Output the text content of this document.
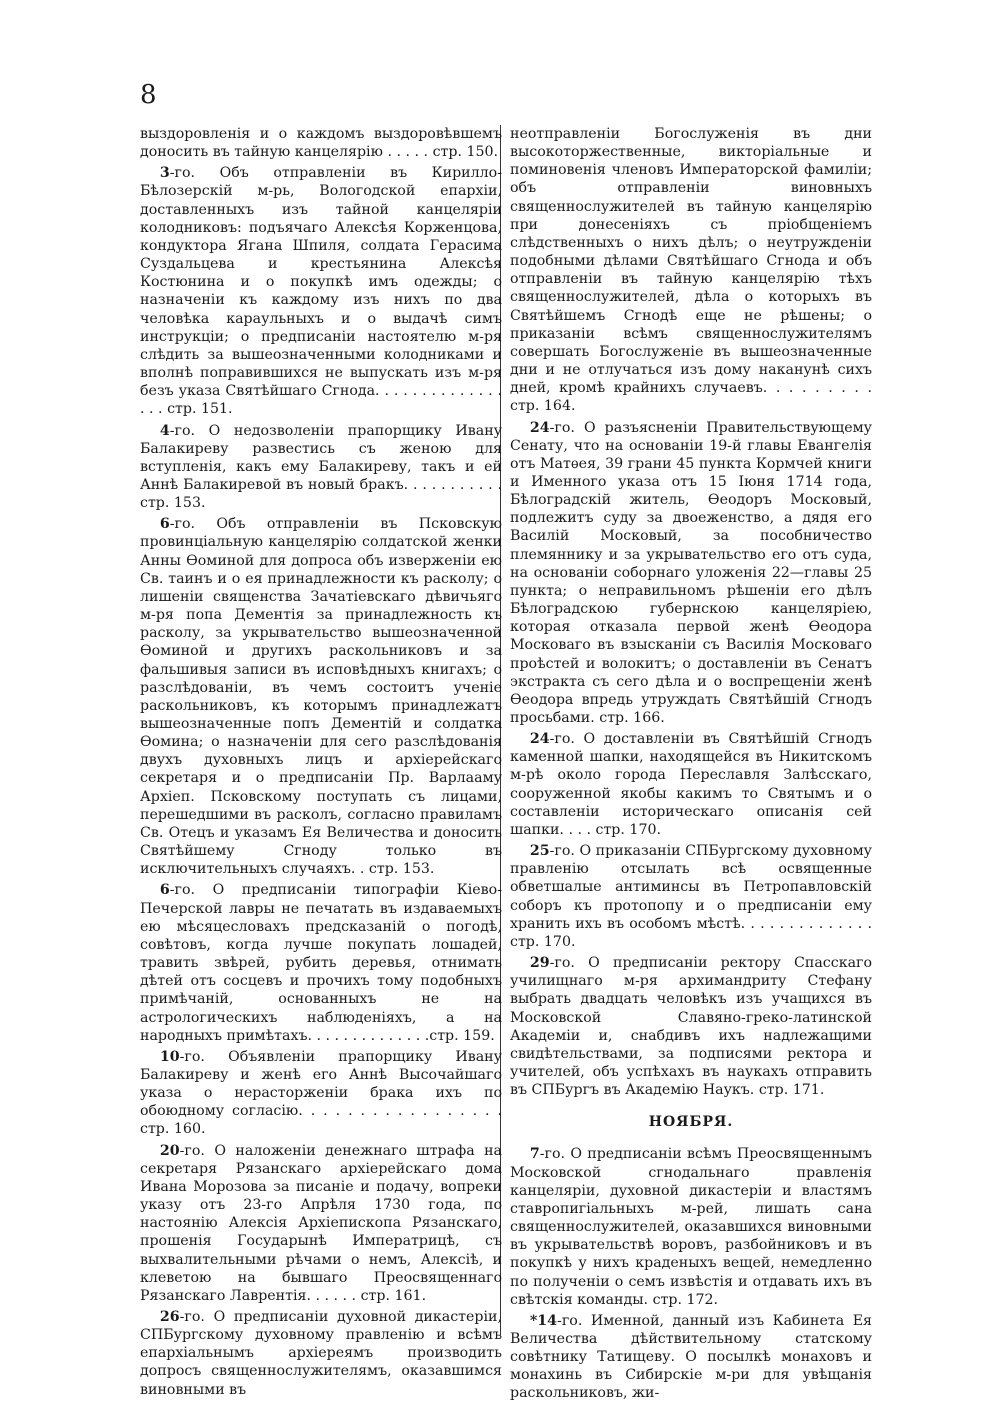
8

выздоровленія и о каждомъ выздоровѣвшемъ доносить въ тайную канцелярію . . . . . стр. 150.

3-го. Объ отправленіи въ Кирилло-Бѣлозерскій м-рь, Вологодской епархіи, доставленныхъ изъ тайной канцеляріи колодниковъ: подъячаго Алексѣя Корженцова, кондуктора Ягана Шпиля, солдата Герасима Суздальцева и крестьянина Алексѣя Костюнина и о покупкѣ имъ одежды; о назначеніи къ каждому изъ нихъ по два человѣка караульныхъ и о выдачѣ симъ инструкціи; о предписаніи настоятелю м-ря слѣдить за вышеозначенными колодниками и вполнѣ поправившихся не выпускать изъ м-ря безъ указа Святѣйшаго Сгнода. . . . . . . . . . . . . . . . . стр. 151.

4-го. О недозволеніи прапорщику Ивану Балакиреву развестись съ женою для вступленія, какъ ему Балакиреву, такъ и ей Аннѣ Балакиревой въ новый бракъ. . . . . . . . . . . стр. 153.

6-го. Объ отправленіи въ Псковскую провинціальную канцелярію солдатской женки Анны Ѳоминой для допроса объ изверженіи ею Св. таинъ и о ея принадлежности къ расколу; о лишеніи священства Зачатіевскаго дѣвичьяго м-ря попа Дементія за принадлежность къ расколу, за укрывательство вышеозначенной Ѳоминой и другихъ раскольниковъ и за фальшивыя записи въ исповѣдныхъ книгахъ; о разслѣдованіи, въ чемъ состоитъ ученіе раскольниковъ, къ которымъ принадлежатъ вышеозначенные попъ Дементій и солдатка Ѳомина; о назначеніи для сего разслѣдованія двухъ духовныхъ лицъ и архіерейскаго секретаря и о предписаніи Пр. Варлааму Архіеп. Псковскому поступать съ лицами, перешедшими въ расколъ, согласно правиламъ Св. Отецъ и указамъ Ея Величества и доносить Святѣйшему Сгноду только въ исключительныхъ случаяхъ. . стр. 153.

6-го. О предписаніи типографіи Кіево-Печерской лавры не печатать въ издаваемыхъ ею мѣсяцесловахъ предсказаній о погодѣ, совѣтовъ, когда лучше покупать лошадей, травить звѣрей, рубить деревья, отнимать дѣтей отъ сосцевъ и прочихъ тому подобныхъ примѣчаній, основанныхъ не на астрологическихъ наблюденіяхъ, а на народныхъ примѣтахъ. . . . . . . . . . . . . .стр. 159.

10-го. Объявленіи прапорщику Ивану Балакиреву и женѣ его Аннѣ Высочайшаго указа о нерасторженіи брака ихъ по обоюдному согласію. . . . . . . . . . . . . . . . . стр. 160.

20-го. О наложеніи денежнаго штрафа на секретаря Рязанскаго архіерейскаго дома Ивана Морозова за писаніе и подачу, вопреки указу отъ 23-го Апрѣля 1730 года, по настоянію Алексія Архіепископа Рязанскаго, прошенія Государынѣ Императрицѣ, съ выхвалительными рѣчами о немъ, Алексіѣ, и клеветою на бывшаго Преосвященнаго Рязанскаго Лаврентія. . . . . . стр. 161.

26-го. О предписаніи духовной дикастеріи, СПБургскому духовному правленію и всѣмъ епархіальнымъ архіереямъ производить допросъ священнослужителямъ, оказавшимся виновными въ

неотправленіи Богослуженія въ дни высокоторжественные, викторіальные и поминовенія членовъ Императорской фамиліи; объ отправленіи виновныхъ священнослужителей въ тайную канцелярію при донесеніяхъ съ пріобщеніемъ слѣдственныхъ о нихъ дѣлъ; о неутружденіи подобными дѣлами Святѣйшаго Сгнода и объ отправленіи въ тайную канцелярію тѣхъ священнослужителей, дѣла о которыхъ въ Святѣйшемъ Сгнодѣ еще не рѣшены; о приказаніи всѣмъ священнослужителямъ совершать Богослуженіе въ вышеозначенные дни и не отлучаться изъ дому наканунѣ сихъ дней, кромѣ крайнихъ случаевъ. . . . . . . . . стр. 164.

24-го. О разъясненіи Правительствующему Сенату, что на основаніи 19-й главы Евангелія отъ Матѳея, 39 грани 45 пункта Кормчей книги и Именного указа отъ 15 Іюня 1714 года, Бѣлоградскій житель, Ѳеодоръ Московый, подлежитъ суду за двоеженство, а дядя его Василій Московый, за пособничество племяннику и за укрывательство его отъ суда, на основаніи соборнаго уложенія 22—главы 25 пункта; о неправильномъ рѣшеніи его дѣлъ Бѣлоградскою губернскою канцеляріею, которая отказала первой женѣ Ѳеодора Московаго въ взысканіи съ Василія Московаго проѣстей и волокитъ; о доставленіи въ Сенатъ экстракта съ сего дѣла и о воспрещеніи женѣ Ѳеодора впредь утруждать Святѣйшій Сгнодъ просьбами. стр. 166.

24-го. О доставленіи въ Святѣйшій Сгнодъ каменной шапки, находящейся въ Никитскомъ м-рѣ около города Переславля Залѣсскаго, сооруженной якобы какимъ то Святымъ и о составленіи историческаго описанія сей шапки. . . . стр. 170.

25-го. О приказаніи СПБургскому духовному правленію отсылать всѣ освященные обветшалые антиминсы въ Петропавловскій соборъ къ протопопу и о предписаніи ему хранить ихъ въ особомъ мѣстѣ. . . . . . . . . . . . . . стр. 170.

29-го. О предписаніи ректору Спасскаго училищнаго м-ря архимандриту Стефану выбрать двадцать человѣкъ изъ учащихся въ Московской Славяно-греко-латинской Академіи и, снабдивъ ихъ надлежащими свидѣтельствами, за подписями ректора и учителей, объ успѣхахъ въ наукахъ отправить въ СПБургъ въ Академію Наукъ. стр. 171.

НОЯБРЯ.

7-го. О предписаніи всѣмъ Преосвященнымъ Московской сгнодальнаго правленія канцеляріи, духовной дикастеріи и властямъ ставропигіальныхъ м-рей, лишать сана священнослужителей, оказавшихся виновными въ укрывательствѣ воровъ, разбойниковъ и въ покупкѣ у нихъ краденыхъ вещей, немедленно по полученіи о семъ извѣстія и отдавать ихъ въ свѣтскія команды. стр. 172.

*14-го. Именной, данный изъ Кабинета Ея Величества дѣйствительному статскому совѣтнику Татищеву. О посылкѣ монаховъ и монахинь въ Сибирскіе м-ри для увѣщанія раскольниковъ, жи-
